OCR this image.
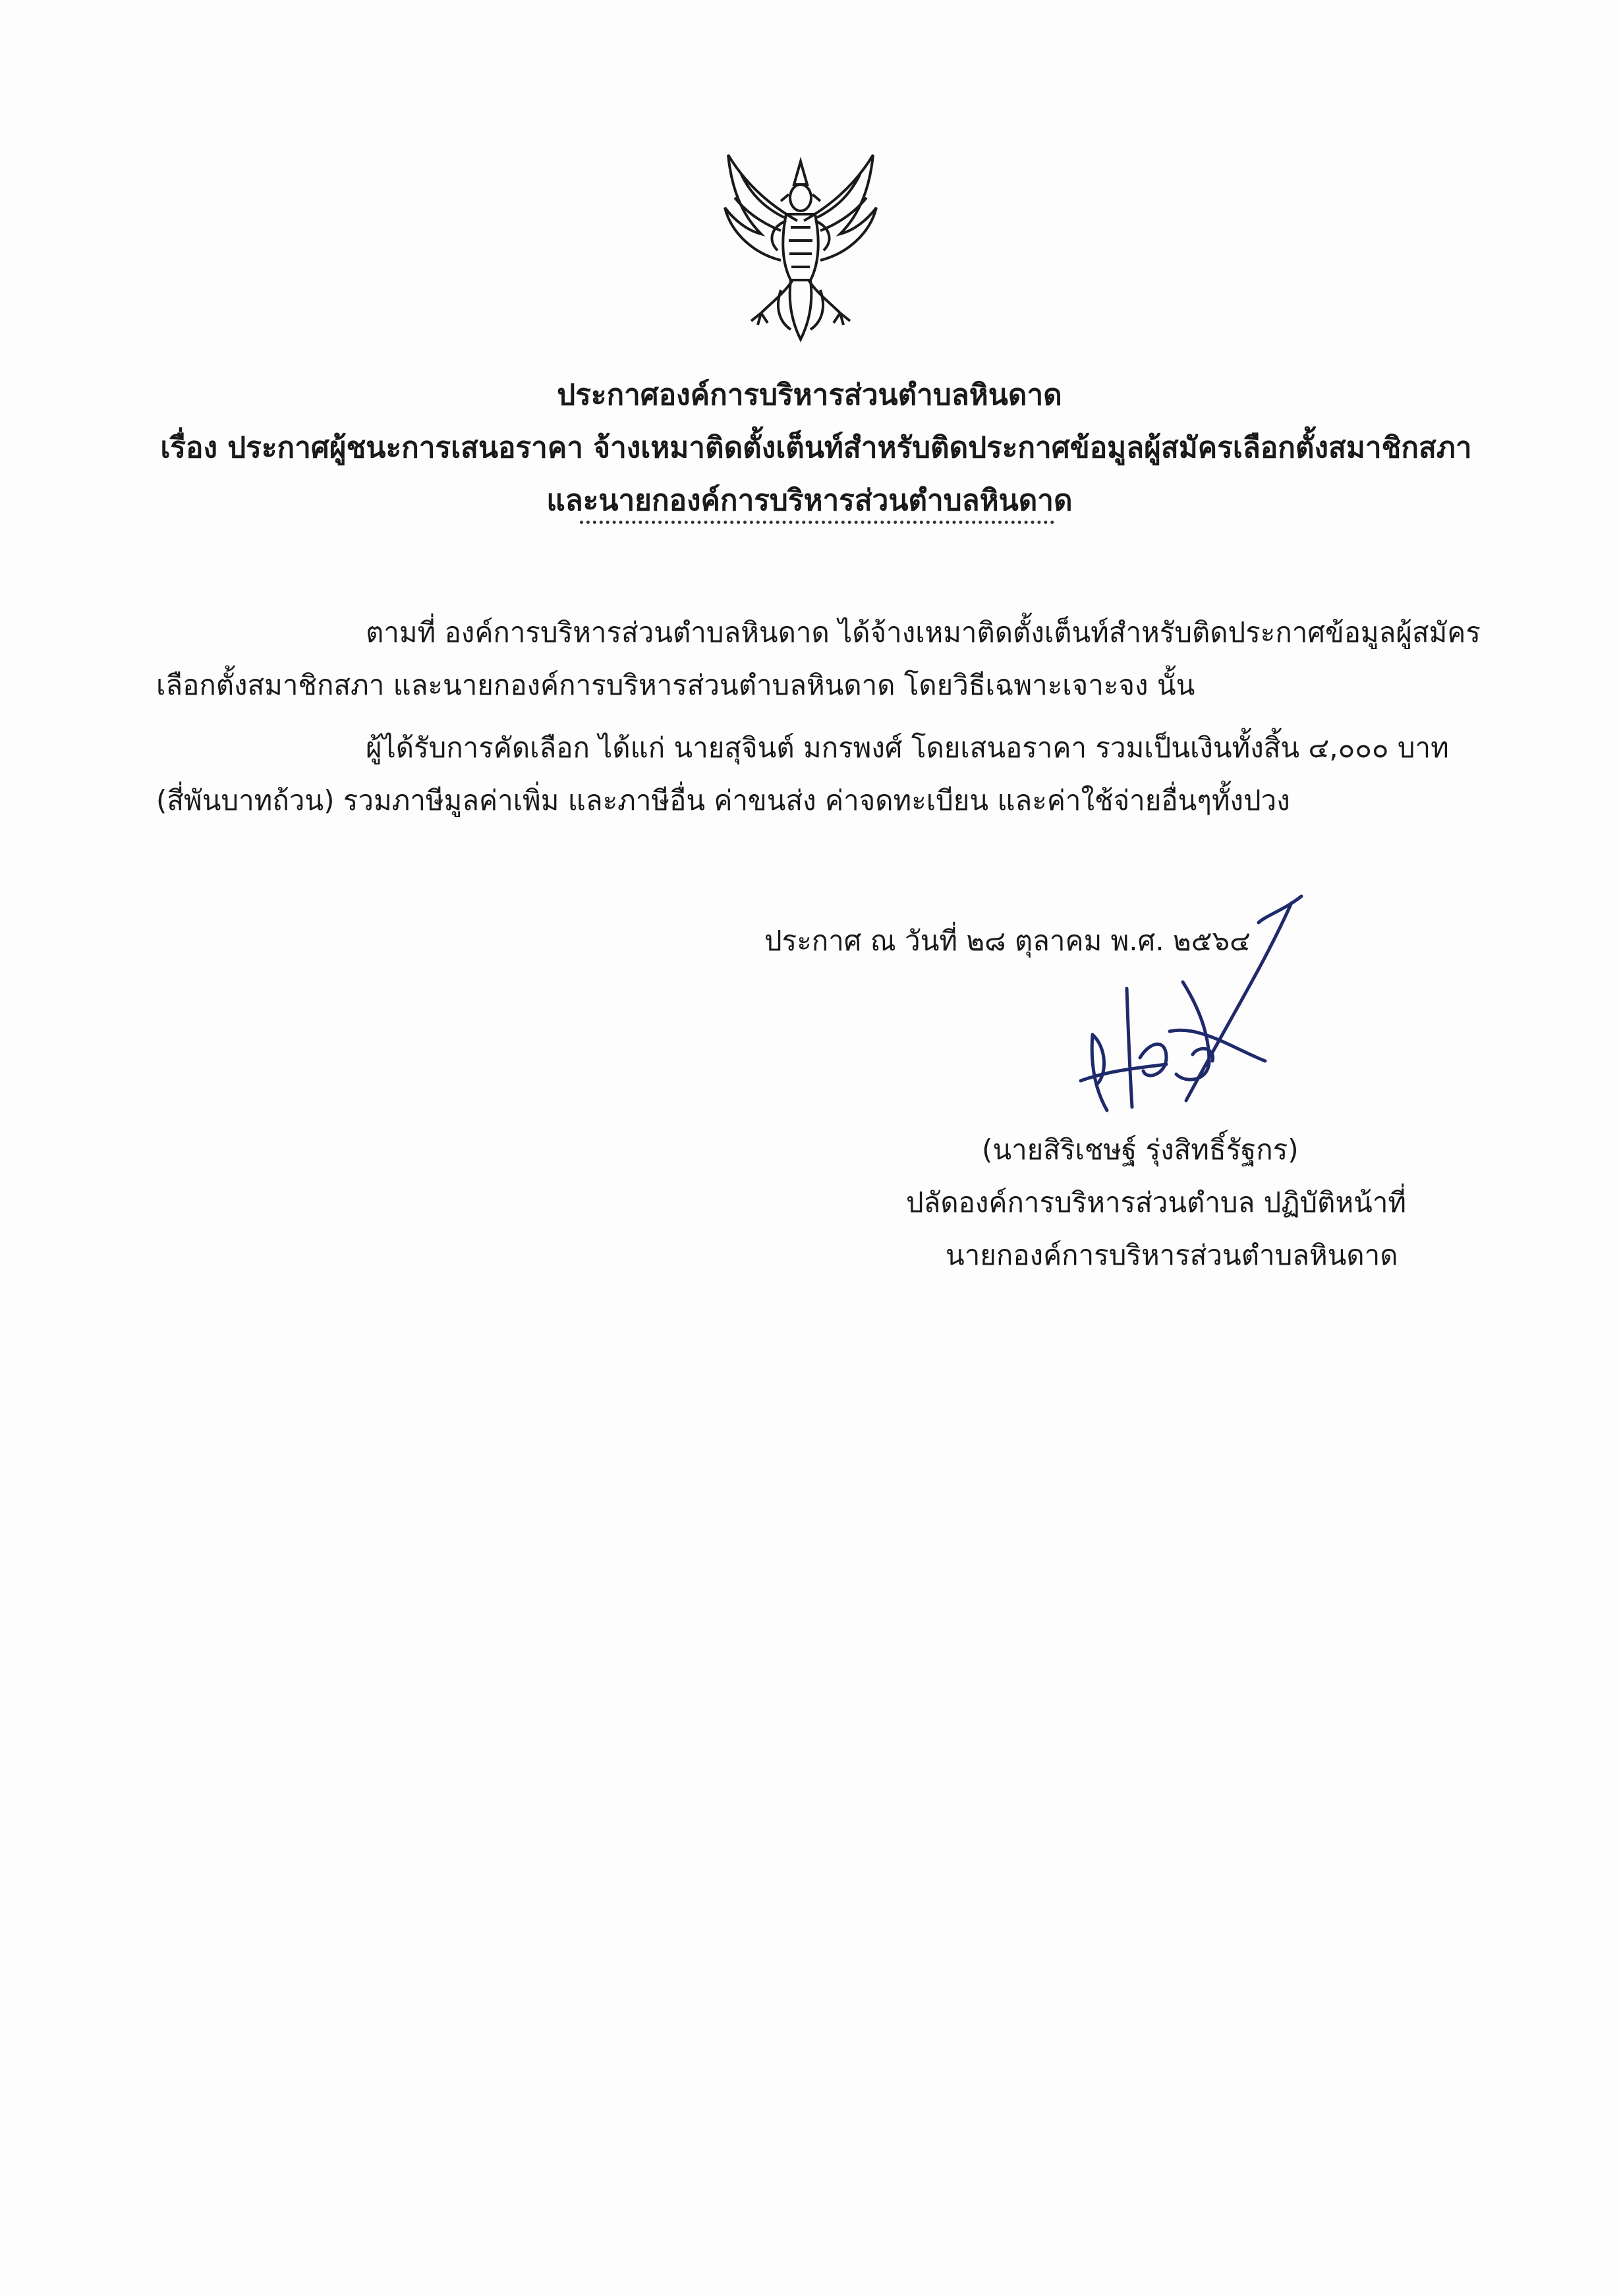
ประกาศองค์การบริหารส่วนตำบลหินดาด
เรื่อง ประกาศผู้ชนะการเสนอราคา จ้างเหมาติดตั้งเต็นท์สำหรับติดประกาศข้อมูลผู้สมัครเลือกตั้งสมาชิกสภา
และนายกองค์การบริหารส่วนตำบลหินดาด
ตามที่ องค์การบริหารส่วนตำบลหินดาด ได้จ้างเหมาติดตั้งเต็นท์สำหรับติดประกาศข้อมูลผู้สมัคร
เลือกตั้งสมาชิกสภา และนายกองค์การบริหารส่วนตำบลหินดาด โดยวิธีเฉพาะเจาะจง นั้น
ผู้ได้รับการคัดเลือก ได้แก่ นายสุจินต์ มกรพงศ์ โดยเสนอราคา รวมเป็นเงินทั้งสิ้น ๔,๐๐๐ บาท
(สี่พันบาทถ้วน) รวมภาษีมูลค่าเพิ่ม และภาษีอื่น ค่าขนส่ง ค่าจดทะเบียน และค่าใช้จ่ายอื่นๆทั้งปวง
ประกาศ ณ วันที่ ๒๘ ตุลาคม พ.ศ. ๒๕๖๔
(นายสิริเชษฐ์ รุ่งสิทธิ์รัฐกร)
ปลัดองค์การบริหารส่วนตำบล ปฏิบัติหน้าที่
นายกองค์การบริหารส่วนตำบลหินดาด
